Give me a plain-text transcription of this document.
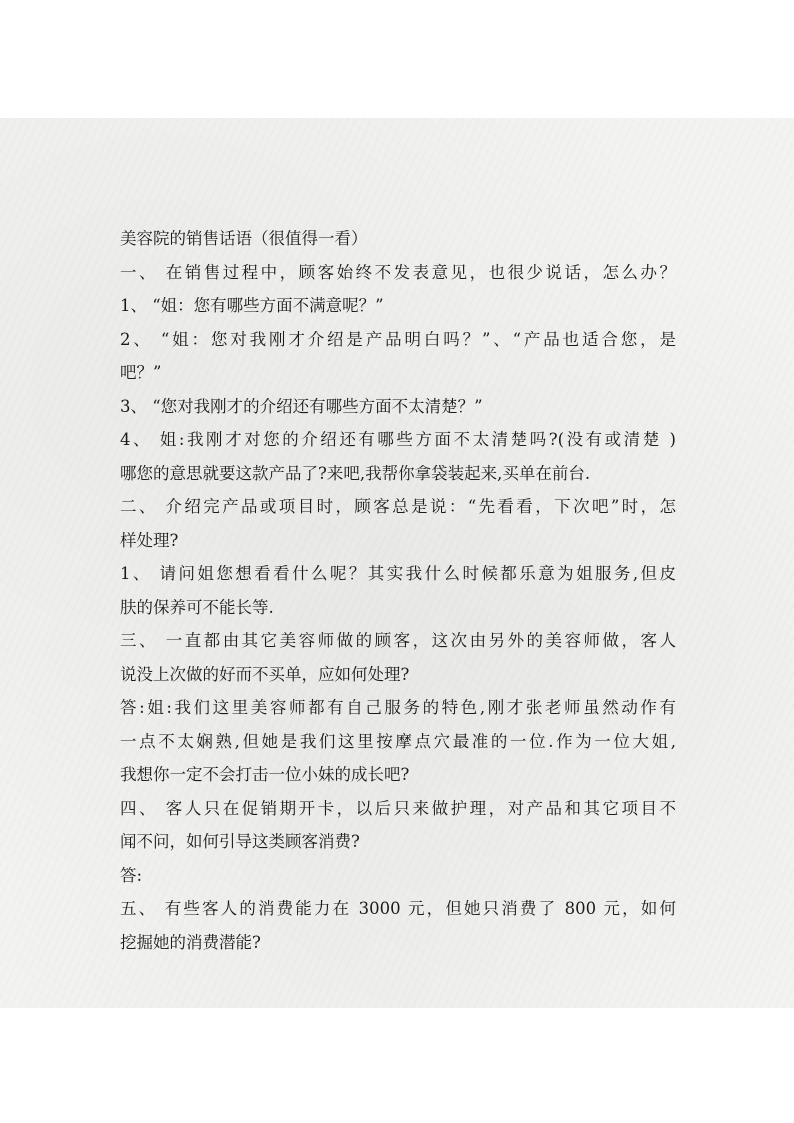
美容院的销售话语（很值得一看）
一、 在销售过程中，顾客始终不发表意见，也很少说话，怎么办？
1、 “姐：您有哪些方面不满意呢？”
2、 “姐：您对我刚才介绍是产品明白吗？”、“产品也适合您，是
吧？”
3、 “您对我刚才的介绍还有哪些方面不太清楚？”
4、 姐:我刚才对您的介绍还有哪些方面不太清楚吗?(没有或清楚 )
哪您的意思就要这款产品了?来吧,我帮你拿袋装起来,买单在前台.
二、 介绍完产品或项目时，顾客总是说：“先看看，下次吧”时，怎
样处理?
1、 请问姐您想看看什么呢？其实我什么时候都乐意为姐服务,但皮
肤的保养可不能长等.
三、 一直都由其它美容师做的顾客，这次由另外的美容师做，客人
说没上次做的好而不买单，应如何处理?
答:姐:我们这里美容师都有自己服务的特色,刚才张老师虽然动作有
一点不太娴熟,但她是我们这里按摩点穴最准的一位.作为一位大姐,
我想你一定不会打击一位小妹的成长吧?
四、 客人只在促销期开卡，以后只来做护理，对产品和其它项目不
闻不问，如何引导这类顾客消费?
答:
五、 有些客人的消费能力在 3000 元，但她只消费了 800 元，如何
挖掘她的消费潜能?
